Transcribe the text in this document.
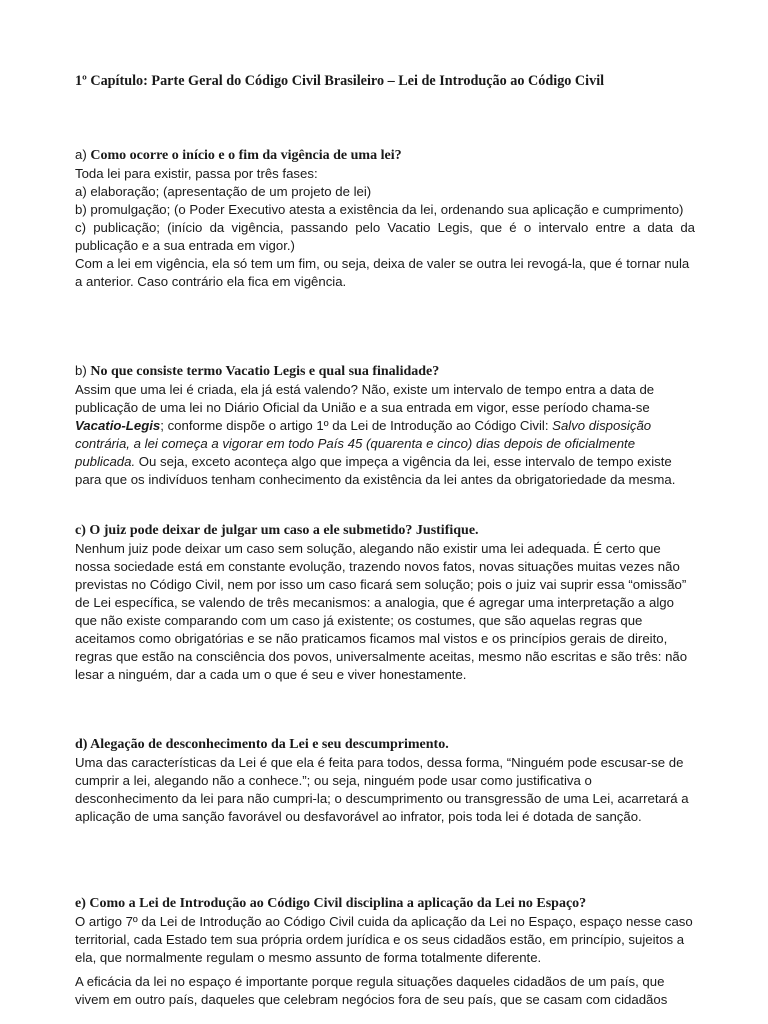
1º Capítulo: Parte Geral do Código Civil Brasileiro – Lei de Introdução ao Código Civil

a) Como ocorre o início e o fim da vigência de uma lei?

Toda lei para existir, passa por três fases:

a) elaboração; (apresentação de um projeto de lei)

b) promulgação; (o Poder Executivo atesta a existência da lei, ordenando sua aplicação e cumprimento)

c) publicação; (início da vigência, passando pelo Vacatio Legis, que é o intervalo entre a data da publicação e a sua entrada em vigor.)

Com a lei em vigência, ela só tem um fim, ou seja, deixa de valer se outra lei revogá-la, que é tornar nula a anterior. Caso contrário ela fica em vigência.

b) No que consiste termo Vacatio Legis e qual sua finalidade?

Assim que uma lei é criada, ela já está valendo? Não, existe um intervalo de tempo entra a data de publicação de uma lei no Diário Oficial da União e a sua entrada em vigor, esse período chama-se Vacatio-Legis; conforme dispõe o artigo 1º da Lei de Introdução ao Código Civil: Salvo disposição contrária, a lei começa a vigorar em todo País 45 (quarenta e cinco) dias depois de oficialmente publicada. Ou seja, exceto aconteça algo que impeça a vigência da lei, esse intervalo de tempo existe para que os indivíduos tenham conhecimento da existência da lei antes da obrigatoriedade da mesma.

c) O juiz pode deixar de julgar um caso a ele submetido? Justifique.

Nenhum juiz pode deixar um caso sem solução, alegando não existir uma lei adequada. É certo que nossa sociedade está em constante evolução, trazendo novos fatos, novas situações muitas vezes não previstas no Código Civil, nem por isso um caso ficará sem solução; pois o juiz vai suprir essa “omissão” de Lei específica, se valendo de três mecanismos: a analogia, que é agregar uma interpretação a algo que não existe comparando com um caso já existente; os costumes, que são aquelas regras que aceitamos como obrigatórias e se não praticamos ficamos mal vistos e os princípios gerais de direito, regras que estão na consciência dos povos, universalmente aceitas, mesmo não escritas e são três: não lesar a ninguém, dar a cada um o que é seu e viver honestamente.

d) Alegação de desconhecimento da Lei e seu descumprimento.

Uma das características da Lei é que ela é feita para todos, dessa forma, “Ninguém pode escusar-se de cumprir a lei, alegando não a conhece.”; ou seja, ninguém pode usar como justificativa o desconhecimento da lei para não cumpri-la; o descumprimento ou transgressão de uma Lei, acarretará a aplicação de uma sanção favorável ou desfavorável ao infrator, pois toda lei é dotada de sanção.

e) Como a Lei de Introdução ao Código Civil disciplina a aplicação da Lei no Espaço?

O artigo 7º da Lei de Introdução ao Código Civil cuida da aplicação da Lei no Espaço, espaço nesse caso territorial, cada Estado tem sua própria ordem jurídica e os seus cidadãos estão, em princípio, sujeitos a ela, que normalmente regulam o mesmo assunto de forma totalmente diferente.

A eficácia da lei no espaço é importante porque regula situações daqueles cidadãos de um país, que vivem em outro país, daqueles que celebram negócios fora de seu país, que se casam com cidadãos
